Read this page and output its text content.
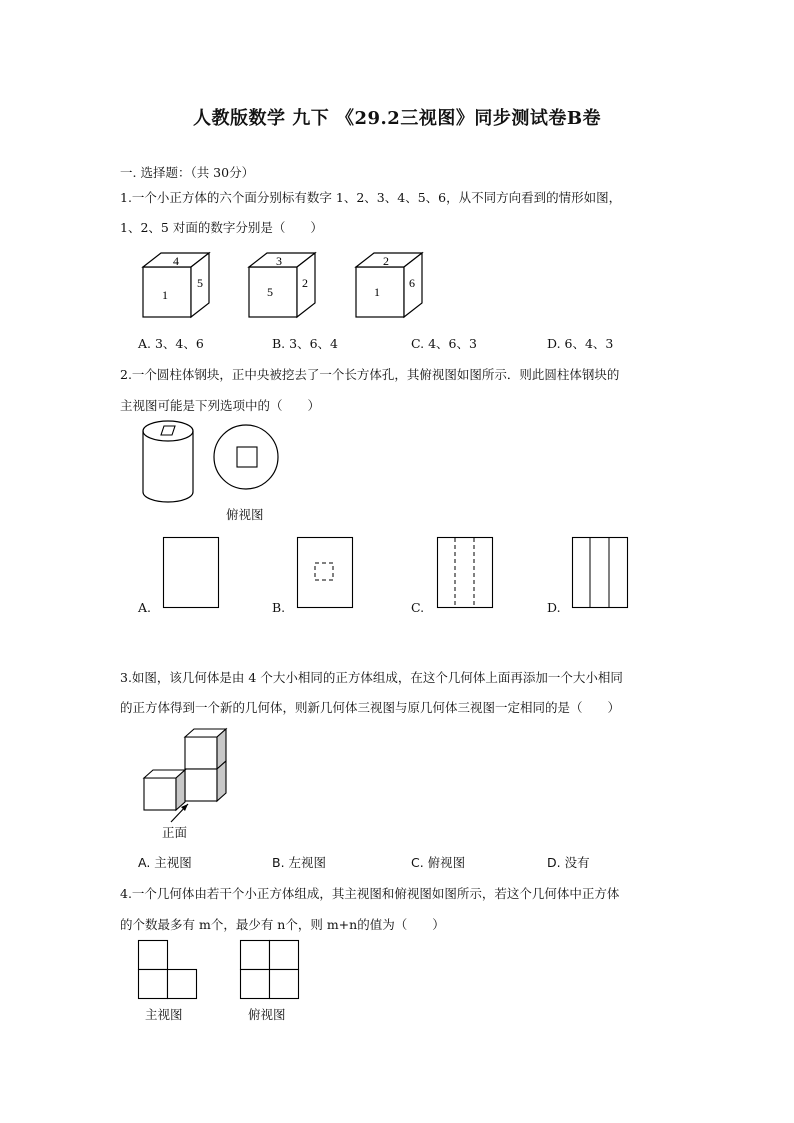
人教版数学 九下 《29.2三视图》同步测试卷B卷
一. 选择题：（共 30分）
1.一个小正方体的六个面分别标有数字 1、2、3、4、5、6，从不同方向看到的情形如图，
1、2、5 对面的数字分别是（　　）
4
1
5
3
5
2
2
1
6
A. 3、4、6	B. 3、6、4	C. 4、6、3	D. 6、4、3
2.一个圆柱体钢块，正中央被挖去了一个长方体孔，其俯视图如图所示．则此圆柱体钢块的
主视图可能是下列选项中的（　　）
俯视图
A.	B.	C.	D.
3.如图，该几何体是由 4 个大小相同的正方体组成，在这个几何体上面再添加一个大小相同
的正方体得到一个新的几何体，则新几何体三视图与原几何体三视图一定相同的是（　　）
正面
A. 主视图	B. 左视图	C. 俯视图	D. 没有
4.一个几何体由若干个小正方体组成，其主视图和俯视图如图所示，若这个几何体中正方体
的个数最多有 m个，最少有 n个，则 m+n的值为（　　）
主视图	俯视图
